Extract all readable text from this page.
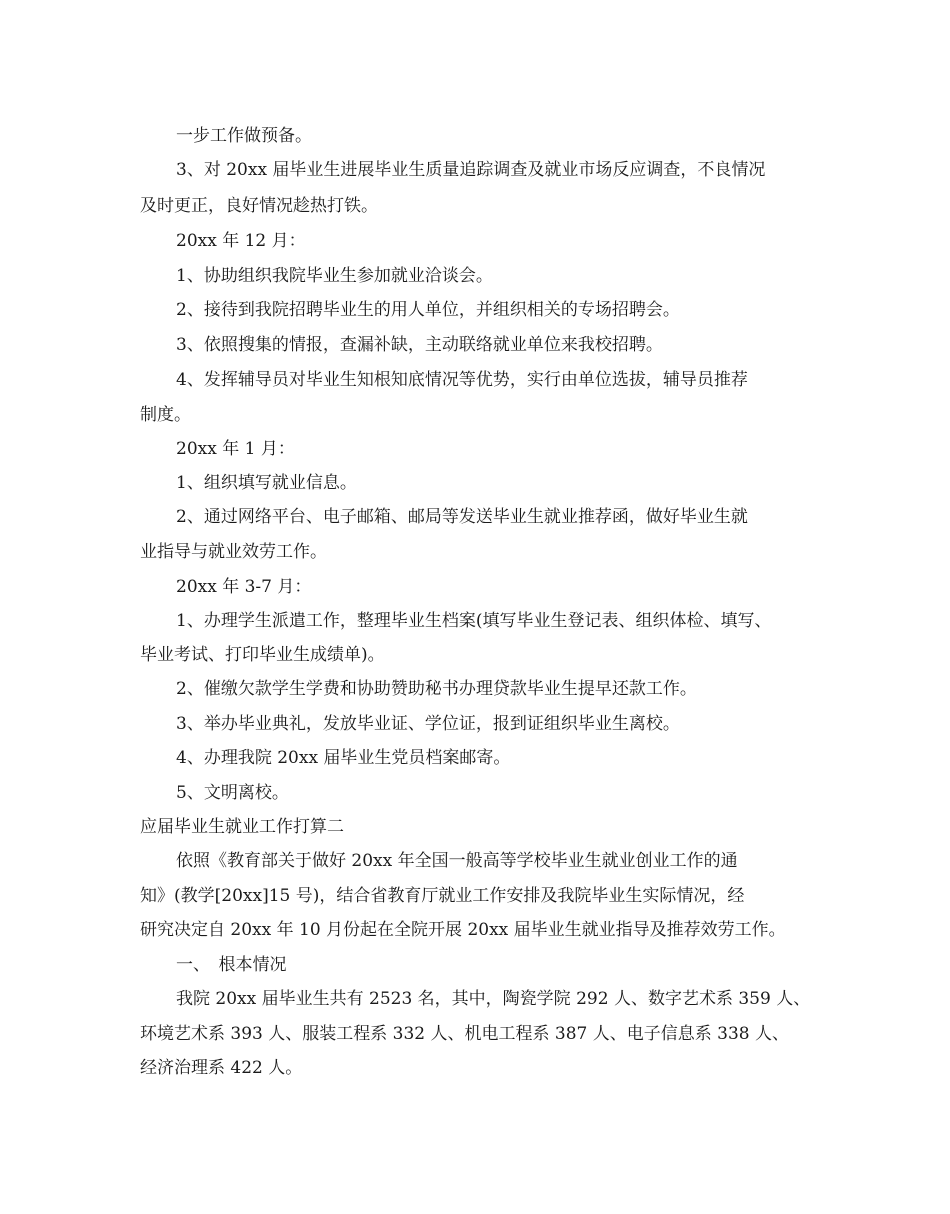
一步工作做预备。
3、对 20xx 届毕业生进展毕业生质量追踪调查及就业市场反应调查，不良情况
及时更正，良好情况趁热打铁。
20xx 年 12 月：
1、协助组织我院毕业生参加就业洽谈会。
2、接待到我院招聘毕业生的用人单位，并组织相关的专场招聘会。
3、依照搜集的情报，查漏补缺，主动联络就业单位来我校招聘。
4、发挥辅导员对毕业生知根知底情况等优势，实行由单位选拔，辅导员推荐
制度。
20xx 年 1 月：
1、组织填写就业信息。
2、通过网络平台、电子邮箱、邮局等发送毕业生就业推荐函，做好毕业生就
业指导与就业效劳工作。
20xx 年 3-7 月：
1、办理学生派遣工作，整理毕业生档案(填写毕业生登记表、组织体检、填写、
毕业考试、打印毕业生成绩单)。
2、催缴欠款学生学费和协助赞助秘书办理贷款毕业生提早还款工作。
3、举办毕业典礼，发放毕业证、学位证，报到证组织毕业生离校。
4、办理我院 20xx 届毕业生党员档案邮寄。
5、文明离校。
应届毕业生就业工作打算二
依照《教育部关于做好 20xx 年全国一般高等学校毕业生就业创业工作的通
知》(教学[20xx]15 号)，结合省教育厅就业工作安排及我院毕业生实际情况，经
研究决定自 20xx 年 10 月份起在全院开展 20xx 届毕业生就业指导及推荐效劳工作。
一、　根本情况
我院 20xx 届毕业生共有 2523 名，其中，陶瓷学院 292 人、数字艺术系 359 人、
环境艺术系 393 人、服装工程系 332 人、机电工程系 387 人、电子信息系 338 人、
经济治理系 422 人。
